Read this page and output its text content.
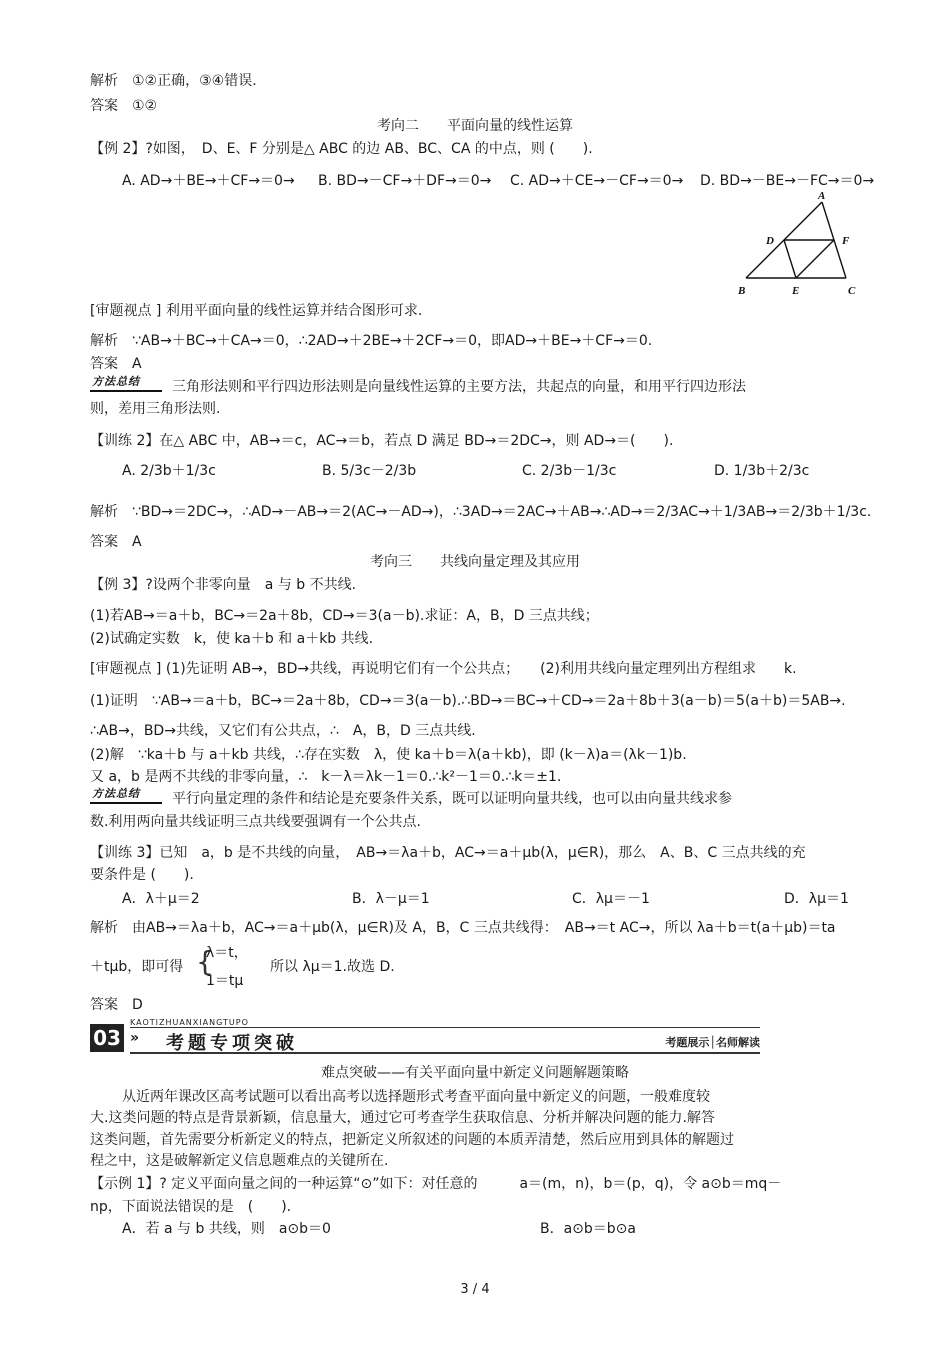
解析　①②正确，③④错误.
答案　①②
考向二　　平面向量的线性运算
【例 2】?如图，　D、E、F 分别是△ ABC 的边 AB、BC、CA 的中点，则 (　　).
A. AD→＋BE→＋CF→＝0→ B. BD→－CF→＋DF→＝0→ C. AD→＋CE→－CF→＝0→ D. BD→－BE→－FC→＝0→
A
B	C
D
E
F
[审题视点 ] 利用平面向量的线性运算并结合图形可求.
解析　∵AB→＋BC→＋CA→＝0，∴2AD→＋2BE→＋2CF→＝0，即AD→＋BE→＋CF→＝0.
答案　A
方法总结	三角形法则和平行四边形法则是向量线性运算的主要方法，共起点的向量，和用平行四边形法
则，差用三角形法则.
【训练 2】在△ ABC 中，AB→＝c，AC→＝b，若点 D 满足 BD→＝2DC→，则 AD→＝(　　).
A. 2/3b＋1/3c	B. 5/3c－2/3b	C. 2/3b－1/3c	D. 1/3b＋2/3c
解析　∵BD→＝2DC→，∴AD→－AB→＝2(AC→－AD→)，∴3AD→＝2AC→＋AB→∴AD→＝2/3AC→＋1/3AB→＝2/3b＋1/3c.
答案　A
考向三　　共线向量定理及其应用
【例 3】?设两个非零向量　a 与 b 不共线.
(1)若AB→＝a＋b，BC→＝2a＋8b，CD→＝3(a－b).求证：A，B，D 三点共线；
(2)试确定实数　k，使 ka＋b 和 a＋kb 共线.
[审题视点 ] (1)先证明 AB→，BD→共线，再说明它们有一个公共点；　　(2)利用共线向量定理列出方程组求　　k.
(1)证明　∵AB→＝a＋b，BC→＝2a＋8b，CD→＝3(a－b).∴BD→＝BC→＋CD→＝2a＋8b＋3(a－b)＝5(a＋b)＝5AB→.
∴AB→，BD→共线，又它们有公共点，∴　A，B，D 三点共线.
(2)解　∵ka＋b 与 a＋kb 共线，∴存在实数　λ，使 ka＋b＝λ(a＋kb)，即 (k－λ)a＝(λk－1)b.
又 a，b 是两不共线的非零向量，∴　k－λ＝λk－1＝0.∴k²－1＝0.∴k＝±1.
方法总结	平行向量定理的条件和结论是充要条件关系，既可以证明向量共线，也可以由向量共线求参
数.利用两向量共线证明三点共线要强调有一个公共点.
【训练 3】已知　a，b 是不共线的向量，　AB→＝λa＋b，AC→＝a＋μb(λ，μ∈R)，那么　A、B、C 三点共线的充
要条件是 (　　).
A．λ＋μ＝2	B．λ－μ＝1	C．λμ＝－1	D．λμ＝1
解析　由AB→＝λa＋b，AC→＝a＋μb(λ，μ∈R)及 A，B，C 三点共线得：　AB→＝t AC→，所以 λa＋b＝t(a＋μb)＝ta
＋tμb，即可得 {
λ＝t，
1＝tμ
所以 λμ＝1.故选 D.
答案　D
KAOTIZHUANXIANGTUPO
03 » 考题专项突破	考题展示│名师解读
难点突破——有关平面向量中新定义问题解题策略
从近两年课改区高考试题可以看出高考以选择题形式考查平面向量中新定义的问题，一般难度较
大.这类问题的特点是背景新颖，信息量大，通过它可考查学生获取信息、分析并解决问题的能力.解答
这类问题，首先需要分析新定义的特点，把新定义所叙述的问题的本质弄清楚，然后应用到具体的解题过
程之中，这是破解新定义信息题难点的关键所在.
【示例 1】? 定义平面向量之间的一种运算“⊙”如下：对任意的　　　a＝(m，n)，b＝(p，q)，令 a⊙b＝mq－
np，下面说法错误的是　(　　).
A．若 a 与 b 共线，则　a⊙b＝0	B．a⊙b＝b⊙a
3 / 4
